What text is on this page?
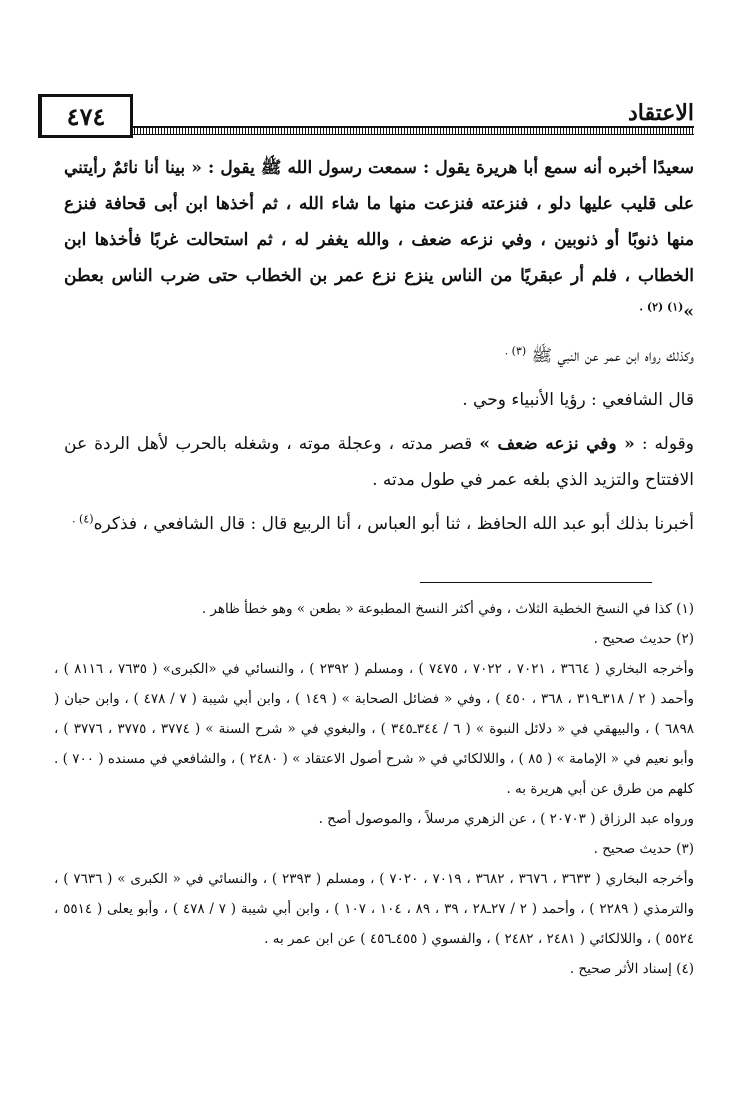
الاعتقاد
٤٧٤

سعيدًا أخبره أنه سمع أبا هريرة يقول : سمعت رسول الله ﷺ يقول : « بينا أنا نائمٌ رأيتني على قليب عليها دلو ، فنزعته فنزعت منها ما شاء الله ، ثم أخذها ابن أبى قحافة فنزع منها ذنوبًا أو ذنوبين ، وفي نزعه ضعف ، والله يغفر له ، ثم استحالت غربًا فأخذها ابن الخطاب ، فلم أر عبقريًا من الناس ينزع نزع عمر بن الخطاب حتى ضرب الناس بعطن »$^{(١) (٢) .}$

وكذلك رواه ابن عمر عن النبي ﷺ $^{(٣) .}$

قال الشافعي : رؤيا الأنبياء وحي .

وقوله : « وفي نزعه ضعف » قصر مدته ، وعجلة موته ، وشغله بالحرب لأهل الردة عن الافتتاح والتزيد الذي بلغه عمر في طول مدته .

أخبرنا بذلك أبو عبد الله الحافظ ، ثنا أبو العباس ، أنا الربيع قال : قال الشافعي ، فذكره$^{(٤) .}$

(١) كذا في النسخ الخطية الثلاث ، وفي أكثر النسخ المطبوعة « بطعن » وهو خطأ ظاهر .

(٢) حديث صحيح .

وأخرجه البخاري ( ٣٦٦٤ ، ٧٠٢١ ، ٧٠٢٢ ، ٧٤٧٥ ) ، ومسلم ( ٢٣٩٢ ) ، والنسائي في «الكبرى» ( ٧٦٣٥ ، ٨١١٦ ) ، وأحمد ( ٢ / ٣١٨ـ٣١٩ ، ٣٦٨ ، ٤٥٠ ) ، وفي « فضائل الصحابة » ( ١٤٩ ) ، وابن أبي شيبة ( ٧ / ٤٧٨ ) ، وابن حبان ( ٦٨٩٨ ) ، والبيهقي في « دلائل النبوة » ( ٦ / ٣٤٤ـ٣٤٥ ) ، والبغوي في « شرح السنة » ( ٣٧٧٤ ، ٣٧٧٥ ، ٣٧٧٦ ) ، وأبو نعيم في « الإمامة » ( ٨٥ ) ، واللالكائي في « شرح أصول الاعتقاد » ( ٢٤٨٠ ) ، والشافعي في مسنده ( ٧٠٠ ) . كلهم من طرق عن أبي هريرة به .

ورواه عبد الرزاق ( ٢٠٧٠٣ ) ، عن الزهري مرسلاً ، والموصول أصح .

(٣) حديث صحيح .

وأخرجه البخاري ( ٣٦٣٣ ، ٣٦٧٦ ، ٣٦٨٢ ، ٧٠١٩ ، ٧٠٢٠ ) ، ومسلم ( ٢٣٩٣ ) ، والنسائي في « الكبرى » ( ٧٦٣٦ ) ، والترمذي ( ٢٢٨٩ ) ، وأحمد ( ٢ / ٢٧ـ٢٨ ، ٣٩ ، ٨٩ ، ١٠٤ ، ١٠٧ ) ، وابن أبي شيبة ( ٧ / ٤٧٨ ) ، وأبو يعلى ( ٥٥١٤ ، ٥٥٢٤ ) ، واللالكائي ( ٢٤٨١ ، ٢٤٨٢ ) ، والفسوي ( ٤٥٥ـ٤٥٦ ) عن ابن عمر به .

(٤) إسناد الأثر صحيح .
